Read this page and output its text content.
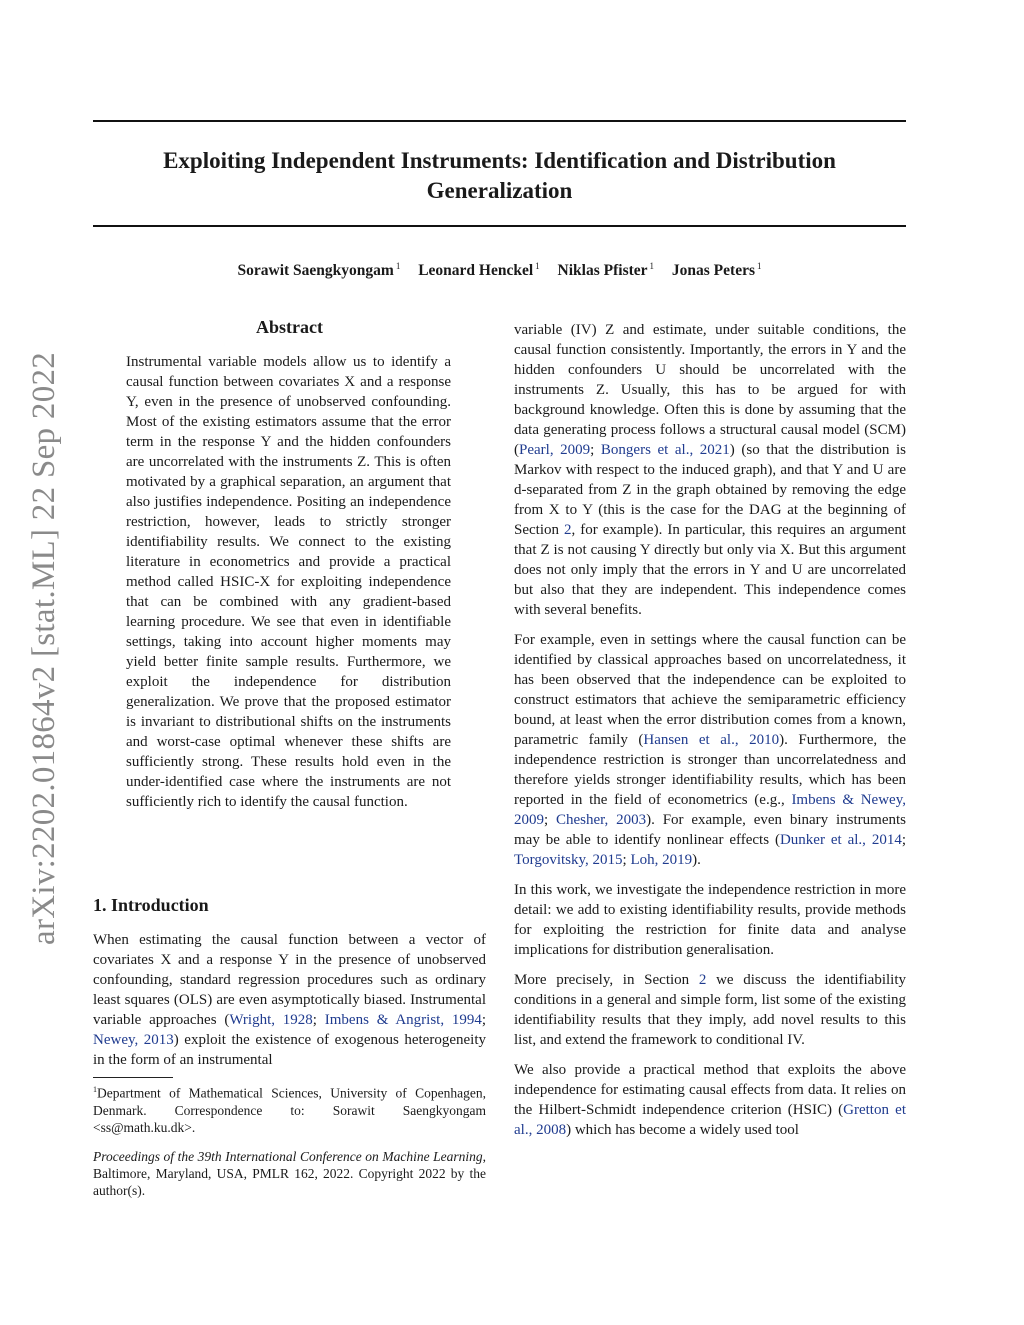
Exploiting Independent Instruments: Identification and Distribution Generalization
Sorawit Saengkyongam $^1$ Leonard Henckel $^1$ Niklas Pfister $^1$ Jonas Peters $^1$
arXiv:2202.01864v2 [stat.ML] 22 Sep 2022
Abstract

Instrumental variable models allow us to identify a causal function between covariates X and a response Y, even in the presence of unobserved confounding. Most of the existing estimators assume that the error term in the response Y and the hidden confounders are uncorrelated with the instruments Z. This is often motivated by a graphical separation, an argument that also justifies independence. Positing an independence restriction, however, leads to strictly stronger identifiability results. We connect to the existing literature in econometrics and provide a practical method called HSIC-X for exploiting independence that can be combined with any gradient-based learning procedure. We see that even in identifiable settings, taking into account higher moments may yield better finite sample results. Furthermore, we exploit the independence for distribution generalization. We prove that the proposed estimator is invariant to distributional shifts on the instruments and worst-case optimal whenever these shifts are sufficiently strong. These results hold even in the under-identified case where the instruments are not sufficiently rich to identify the causal function.

1. Introduction

When estimating the causal function between a vector of covariates X and a response Y in the presence of unobserved confounding, standard regression procedures such as ordinary least squares (OLS) are even asymptotically biased. Instrumental variable approaches (Wright, 1928; Imbens & Angrist, 1994; Newey, 2013) exploit the existence of exogenous heterogeneity in the form of an instrumental

$^1$Department of Mathematical Sciences, University of Copenhagen, Denmark. Correspondence to: Sorawit Saengkyongam <ss@math.ku.dk>.

Proceedings of the 39th International Conference on Machine Learning, Baltimore, Maryland, USA, PMLR 162, 2022. Copyright 2022 by the author(s).

variable (IV) Z and estimate, under suitable conditions, the causal function consistently. Importantly, the errors in Y and the hidden confounders U should be uncorrelated with the instruments Z. Usually, this has to be argued for with background knowledge. Often this is done by assuming that the data generating process follows a structural causal model (SCM) (Pearl, 2009; Bongers et al., 2021) (so that the distribution is Markov with respect to the induced graph), and that Y and U are d-separated from Z in the graph obtained by removing the edge from X to Y (this is the case for the DAG at the beginning of Section 2, for example). In particular, this requires an argument that Z is not causing Y directly but only via X. But this argument does not only imply that the errors in Y and U are uncorrelated but also that they are independent. This independence comes with several benefits.

For example, even in settings where the causal function can be identified by classical approaches based on uncorrelatedness, it has been observed that the independence can be exploited to construct estimators that achieve the semiparametric efficiency bound, at least when the error distribution comes from a known, parametric family (Hansen et al., 2010). Furthermore, the independence restriction is stronger than uncorrelatedness and therefore yields stronger identifiability results, which has been reported in the field of econometrics (e.g., Imbens & Newey, 2009; Chesher, 2003). For example, even binary instruments may be able to identify nonlinear effects (Dunker et al., 2014; Torgovitsky, 2015; Loh, 2019).

In this work, we investigate the independence restriction in more detail: we add to existing identifiability results, provide methods for exploiting the restriction for finite data and analyse implications for distribution generalisation.

More precisely, in Section 2 we discuss the identifiability conditions in a general and simple form, list some of the existing identifiability results that they imply, add novel results to this list, and extend the framework to conditional IV.

We also provide a practical method that exploits the above independence for estimating causal effects from data. It relies on the Hilbert-Schmidt independence criterion (HSIC) (Gretton et al., 2008) which has become a widely used tool
